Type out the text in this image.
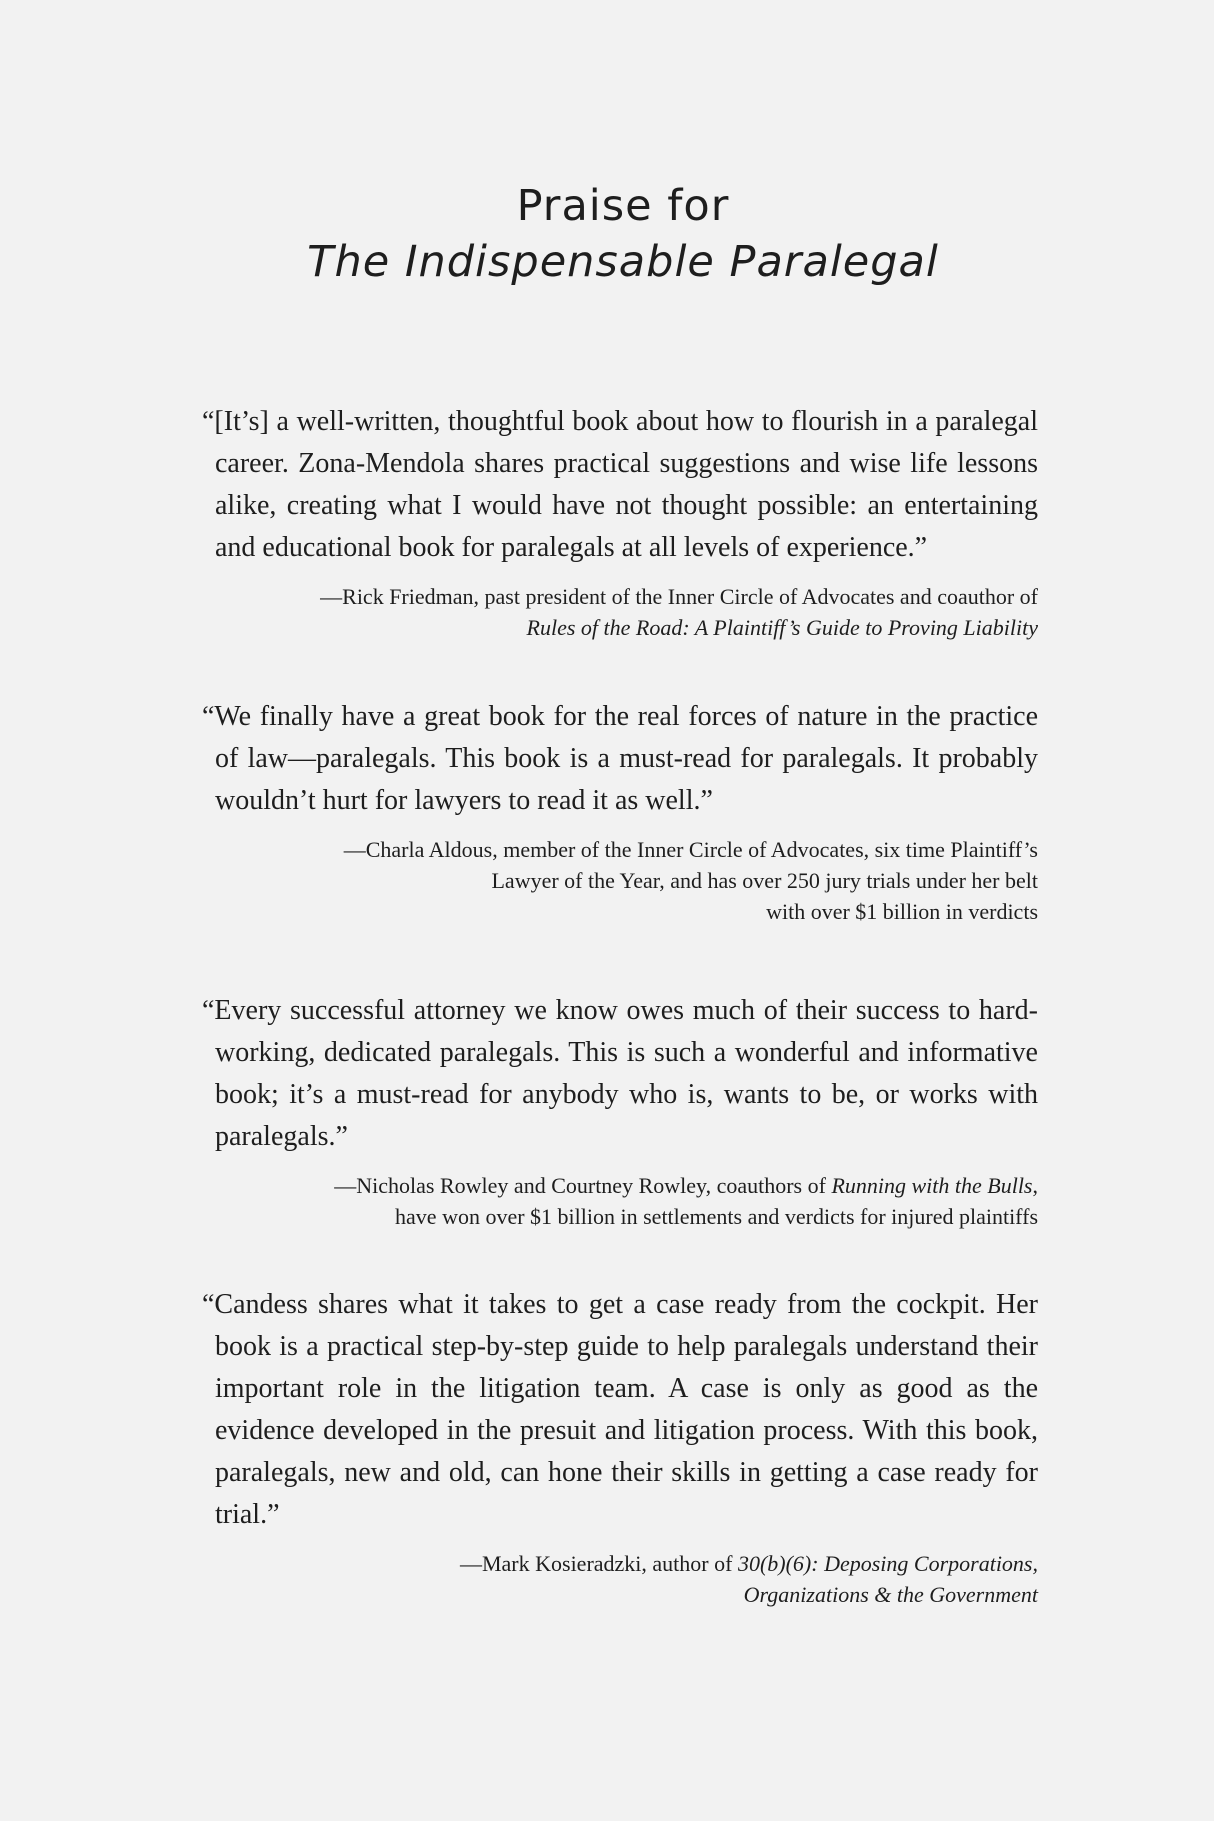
Praise for
The Indispensable Paralegal

“[It’s] a well-written, thoughtful book about how to flourish in a paralegal career. Zona-Mendola shares practical suggestions and wise life lessons alike, creating what I would have not thought possible: an entertaining and educational book for paralegals at all levels of experience.”

—Rick Friedman, past president of the Inner Circle of Advocates and coauthor of
Rules of the Road: A Plaintiff’s Guide to Proving Liability

“We finally have a great book for the real forces of nature in the practice of law—paralegals. This book is a must-read for paralegals. It probably wouldn’t hurt for lawyers to read it as well.”

—Charla Aldous, member of the Inner Circle of Advocates, six time Plaintiff’s
Lawyer of the Year, and has over 250 jury trials under her belt
with over $1 billion in verdicts

“Every successful attorney we know owes much of their success to hard-working, dedicated paralegals. This is such a wonderful and informative book; it’s a must-read for anybody who is, wants to be, or works with paralegals.”

—Nicholas Rowley and Courtney Rowley, coauthors of Running with the Bulls,
have won over $1 billion in settlements and verdicts for injured plaintiffs

“Candess shares what it takes to get a case ready from the cockpit. Her book is a practical step-by-step guide to help paralegals understand their important role in the litigation team. A case is only as good as the evidence developed in the presuit and litigation process. With this book, paralegals, new and old, can hone their skills in getting a case ready for trial.”

—Mark Kosieradzki, author of 30(b)(6): Deposing Corporations,
Organizations & the Government
